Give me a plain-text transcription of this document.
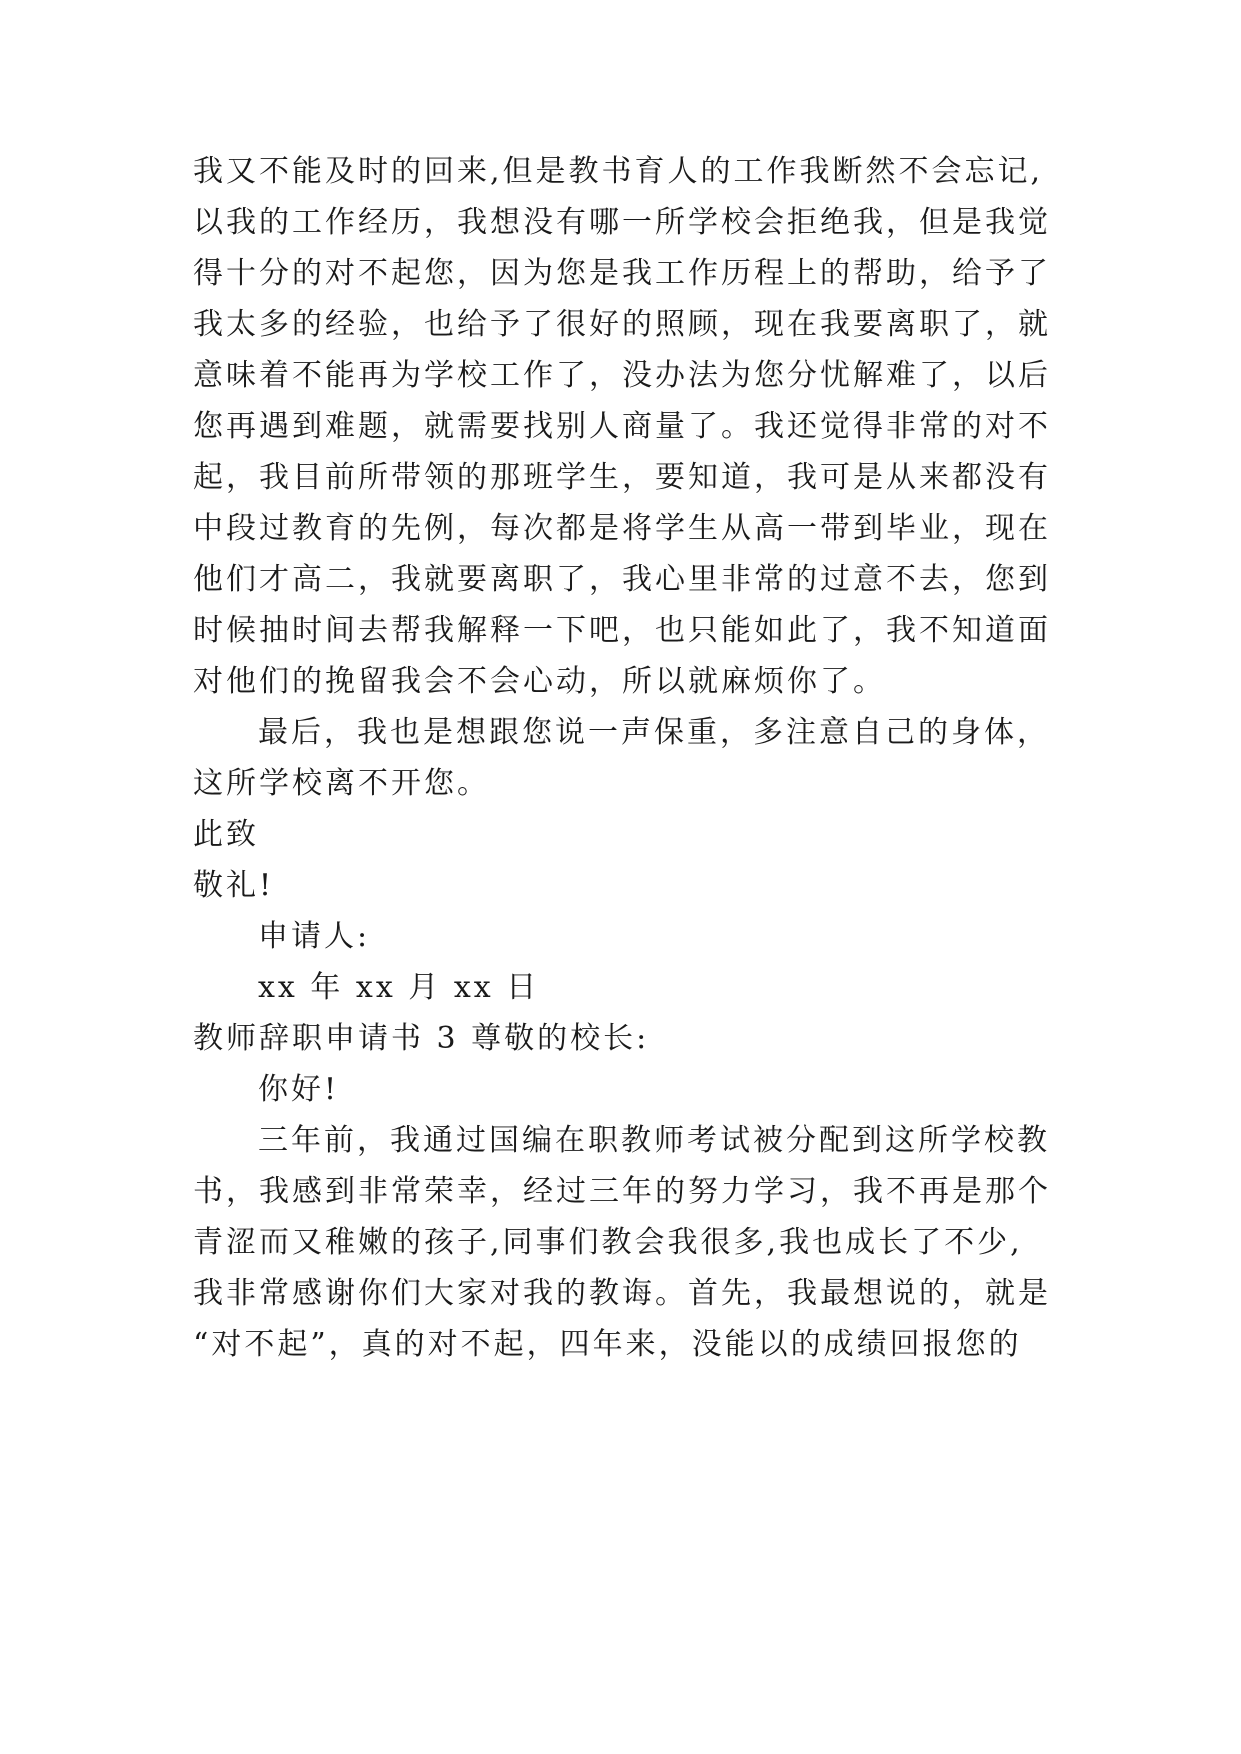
我又不能及时的回来,但是教书育人的工作我断然不会忘记,
以我的工作经历，我想没有哪一所学校会拒绝我，但是我觉
得十分的对不起您，因为您是我工作历程上的帮助，给予了
我太多的经验，也给予了很好的照顾，现在我要离职了，就
意味着不能再为学校工作了，没办法为您分忧解难了，以后
您再遇到难题，就需要找别人商量了。我还觉得非常的对不
起，我目前所带领的那班学生，要知道，我可是从来都没有
中段过教育的先例，每次都是将学生从高一带到毕业，现在
他们才高二，我就要离职了，我心里非常的过意不去，您到
时候抽时间去帮我解释一下吧，也只能如此了，我不知道面
对他们的挽留我会不会心动，所以就麻烦你了。
最后，我也是想跟您说一声保重，多注意自己的身体，
这所学校离不开您。
此致
敬礼!
申请人:
xx 年 xx 月 xx 日
教师辞职申请书 3 尊敬的校长:
你好!
三年前，我通过国编在职教师考试被分配到这所学校教
书，我感到非常荣幸，经过三年的努力学习，我不再是那个
青涩而又稚嫩的孩子,同事们教会我很多,我也成长了不少,
我非常感谢你们大家对我的教诲。首先，我最想说的，就是
“对不起”，真的对不起，四年来，没能以的成绩回报您的
